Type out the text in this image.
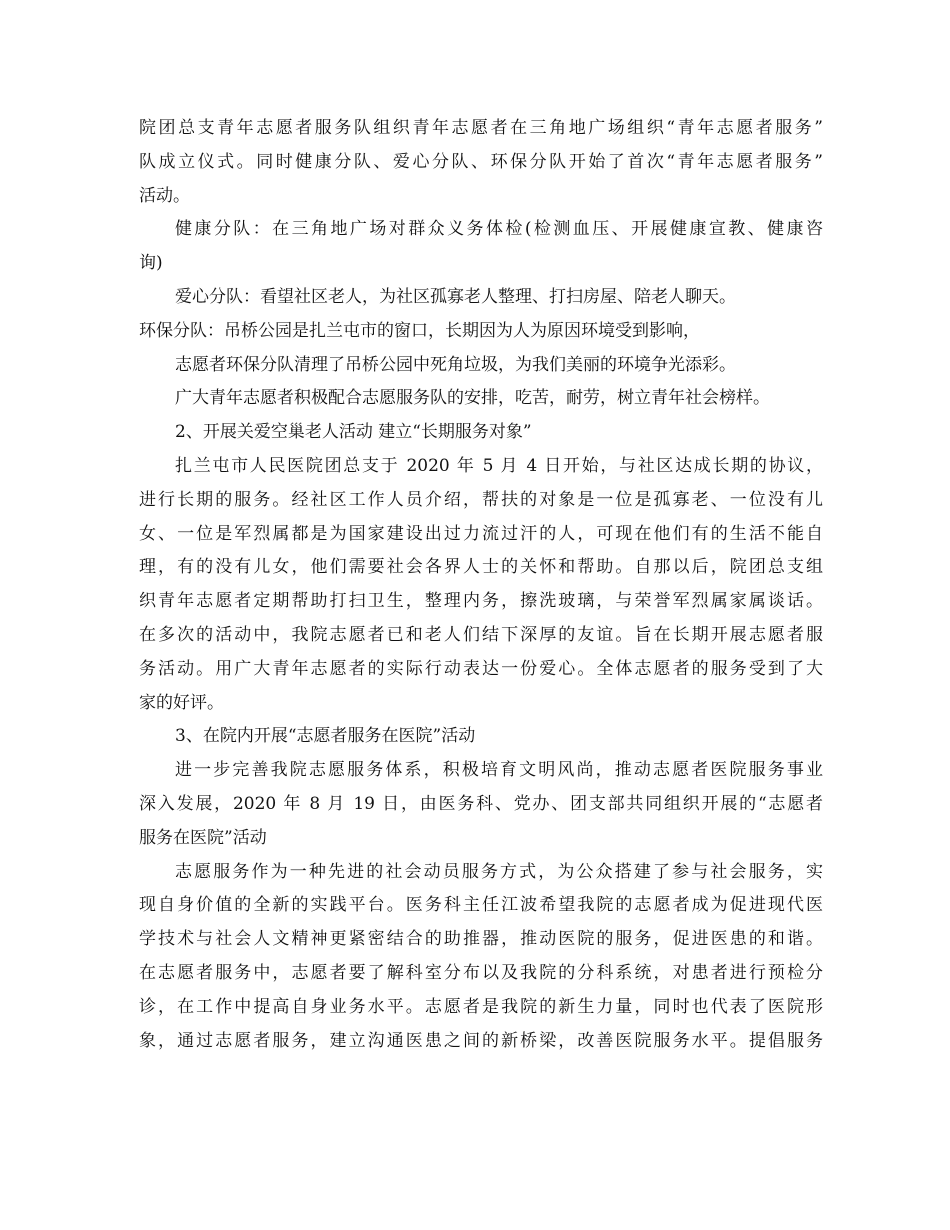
院团总支青年志愿者服务队组织青年志愿者在三角地广场组织“青年志愿者服务”
队成立仪式。同时健康分队、爱心分队、环保分队开始了首次“青年志愿者服务”
活动。
健康分队：在三角地广场对群众义务体检(检测血压、开展健康宣教、健康咨
询)
爱心分队：看望社区老人，为社区孤寡老人整理、打扫房屋、陪老人聊天。
环保分队：吊桥公园是扎兰屯市的窗口，长期因为人为原因环境受到影响，
志愿者环保分队清理了吊桥公园中死角垃圾，为我们美丽的环境争光添彩。
广大青年志愿者积极配合志愿服务队的安排，吃苦，耐劳，树立青年社会榜样。
2、开展关爱空巢老人活动 建立“长期服务对象”
扎兰屯市人民医院团总支于 2020 年 5 月 4 日开始，与社区达成长期的协议，
进行长期的服务。经社区工作人员介绍，帮扶的对象是一位是孤寡老、一位没有儿
女、一位是军烈属都是为国家建设出过力流过汗的人，可现在他们有的生活不能自
理，有的没有儿女，他们需要社会各界人士的关怀和帮助。自那以后，院团总支组
织青年志愿者定期帮助打扫卫生，整理内务，擦洗玻璃，与荣誉军烈属家属谈话。
在多次的活动中，我院志愿者已和老人们结下深厚的友谊。旨在长期开展志愿者服
务活动。用广大青年志愿者的实际行动表达一份爱心。全体志愿者的服务受到了大
家的好评。
3、在院内开展“志愿者服务在医院”活动
进一步完善我院志愿服务体系，积极培育文明风尚，推动志愿者医院服务事业
深入发展，2020 年 8 月 19 日，由医务科、党办、团支部共同组织开展的“志愿者
服务在医院”活动
志愿服务作为一种先进的社会动员服务方式，为公众搭建了参与社会服务，实
现自身价值的全新的实践平台。医务科主任江波希望我院的志愿者成为促进现代医
学技术与社会人文精神更紧密结合的助推器，推动医院的服务，促进医患的和谐。
在志愿者服务中，志愿者要了解科室分布以及我院的分科系统，对患者进行预检分
诊，在工作中提高自身业务水平。志愿者是我院的新生力量，同时也代表了医院形
象，通过志愿者服务，建立沟通医患之间的新桥梁，改善医院服务水平。提倡服务
